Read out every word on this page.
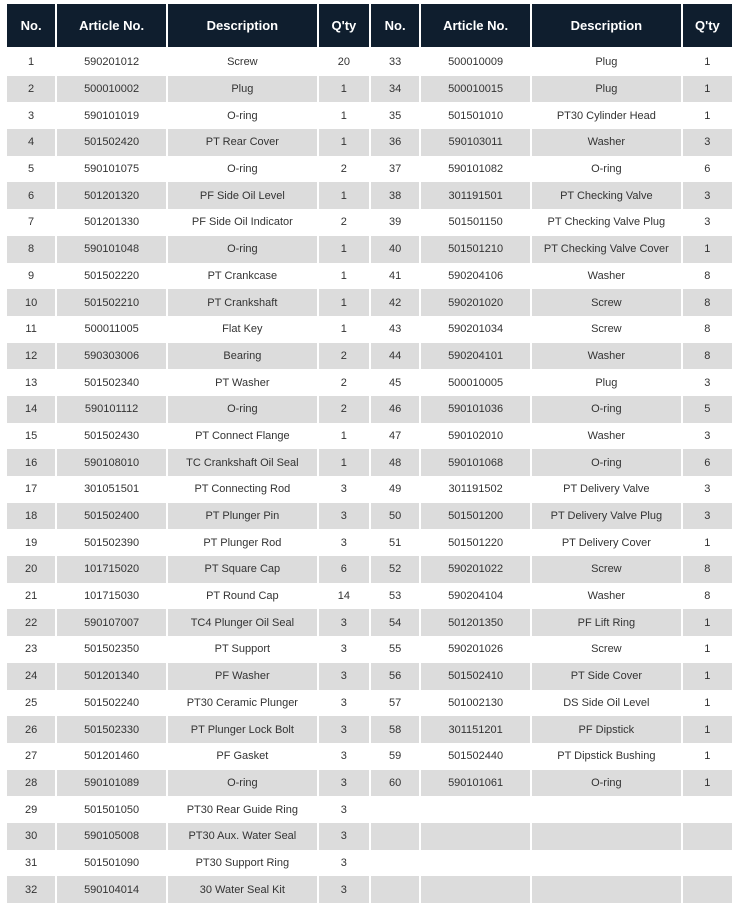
No.	Article No.	Description	Q'ty	No.	Article No.	Description	Q'ty
1	590201012	Screw	20	33	500010009	Plug	1
2	500010002	Plug	1	34	500010015	Plug	1
3	590101019	O-ring	1	35	501501010	PT30 Cylinder Head	1
4	501502420	PT Rear Cover	1	36	590103011	Washer	3
5	590101075	O-ring	2	37	590101082	O-ring	6
6	501201320	PF Side Oil Level	1	38	301191501	PT Checking Valve	3
7	501201330	PF Side Oil Indicator	2	39	501501150	PT Checking Valve Plug	3
8	590101048	O-ring	1	40	501501210	PT Checking Valve Cover	1
9	501502220	PT Crankcase	1	41	590204106	Washer	8
10	501502210	PT Crankshaft	1	42	590201020	Screw	8
11	500011005	Flat Key	1	43	590201034	Screw	8
12	590303006	Bearing	2	44	590204101	Washer	8
13	501502340	PT Washer	2	45	500010005	Plug	3
14	590101112	O-ring	2	46	590101036	O-ring	5
15	501502430	PT Connect Flange	1	47	590102010	Washer	3
16	590108010	TC Crankshaft Oil Seal	1	48	590101068	O-ring	6
17	301051501	PT Connecting Rod	3	49	301191502	PT Delivery Valve	3
18	501502400	PT Plunger Pin	3	50	501501200	PT Delivery Valve Plug	3
19	501502390	PT Plunger Rod	3	51	501501220	PT Delivery Cover	1
20	101715020	PT Square Cap	6	52	590201022	Screw	8
21	101715030	PT Round Cap	14	53	590204104	Washer	8
22	590107007	TC4 Plunger Oil Seal	3	54	501201350	PF Lift Ring	1
23	501502350	PT Support	3	55	590201026	Screw	1
24	501201340	PF Washer	3	56	501502410	PT Side Cover	1
25	501502240	PT30 Ceramic Plunger	3	57	501002130	DS Side Oil Level	1
26	501502330	PT Plunger Lock Bolt	3	58	301151201	PF Dipstick	1
27	501201460	PF Gasket	3	59	501502440	PT Dipstick Bushing	1
28	590101089	O-ring	3	60	590101061	O-ring	1
29	501501050	PT30 Rear Guide Ring	3				
30	590105008	PT30 Aux. Water Seal	3				
31	501501090	PT30 Support Ring	3				
32	590104014	30 Water Seal Kit	3				
